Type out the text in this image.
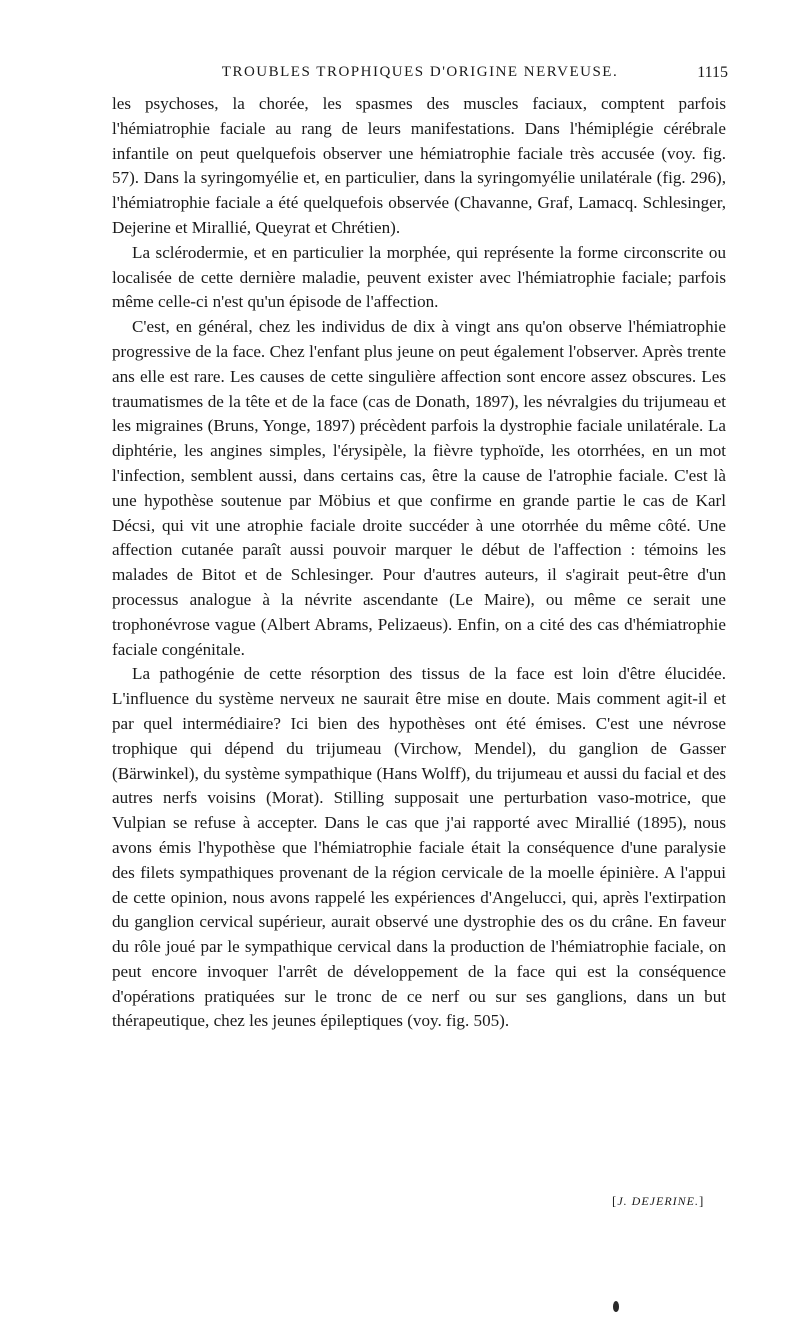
TROUBLES TROPHIQUES D'ORIGINE NERVEUSE.	1115

les psychoses, la chorée, les spasmes des muscles faciaux, comptent parfois l'hémiatrophie faciale au rang de leurs manifestations. Dans l'hémiplégie cérébrale infantile on peut quelquefois observer une hémiatrophie faciale très accusée (voy. fig. 57). Dans la syringomyélie et, en particulier, dans la syringomyélie unilatérale (fig. 296), l'hémiatrophie faciale a été quelquefois observée (Chavanne, Graf, Lamacq. Schlesinger, Dejerine et Mirallié, Queyrat et Chrétien).

La sclérodermie, et en particulier la morphée, qui représente la forme circonscrite ou localisée de cette dernière maladie, peuvent exister avec l'hémiatrophie faciale; parfois même celle-ci n'est qu'un épisode de l'affection.

C'est, en général, chez les individus de dix à vingt ans qu'on observe l'hémiatrophie progressive de la face. Chez l'enfant plus jeune on peut également l'observer. Après trente ans elle est rare. Les causes de cette singulière affection sont encore assez obscures. Les traumatismes de la tête et de la face (cas de Donath, 1897), les névralgies du trijumeau et les migraines (Bruns, Yonge, 1897) précèdent parfois la dystrophie faciale unilatérale. La diphtérie, les angines simples, l'érysipèle, la fièvre typhoïde, les otorrhées, en un mot l'infection, semblent aussi, dans certains cas, être la cause de l'atrophie faciale. C'est là une hypothèse soutenue par Möbius et que confirme en grande partie le cas de Karl Décsi, qui vit une atrophie faciale droite succéder à une otorrhée du même côté. Une affection cutanée paraît aussi pouvoir marquer le début de l'affection : témoins les malades de Bitot et de Schlesinger. Pour d'autres auteurs, il s'agirait peut-être d'un processus analogue à la névrite ascendante (Le Maire), ou même ce serait une trophonévrose vague (Albert Abrams, Pelizaeus). Enfin, on a cité des cas d'hémiatrophie faciale congénitale.

La pathogénie de cette résorption des tissus de la face est loin d'être élucidée. L'influence du système nerveux ne saurait être mise en doute. Mais comment agit-il et par quel intermédiaire? Ici bien des hypothèses ont été émises. C'est une névrose trophique qui dépend du trijumeau (Virchow, Mendel), du ganglion de Gasser (Bärwinkel), du système sympathique (Hans Wolff), du trijumeau et aussi du facial et des autres nerfs voisins (Morat). Stilling supposait une perturbation vaso-motrice, que Vulpian se refuse à accepter. Dans le cas que j'ai rapporté avec Mirallié (1895), nous avons émis l'hypothèse que l'hémiatrophie faciale était la conséquence d'une paralysie des filets sympathiques provenant de la région cervicale de la moelle épinière. A l'appui de cette opinion, nous avons rappelé les expériences d'Angelucci, qui, après l'extirpation du ganglion cervical supérieur, aurait observé une dystrophie des os du crâne. En faveur du rôle joué par le sympathique cervical dans la production de l'hémiatrophie faciale, on peut encore invoquer l'arrêt de développement de la face qui est la conséquence d'opérations pratiquées sur le tronc de ce nerf ou sur ses ganglions, dans un but thérapeutique, chez les jeunes épileptiques (voy. fig. 505).

[J. DEJERINE.]
